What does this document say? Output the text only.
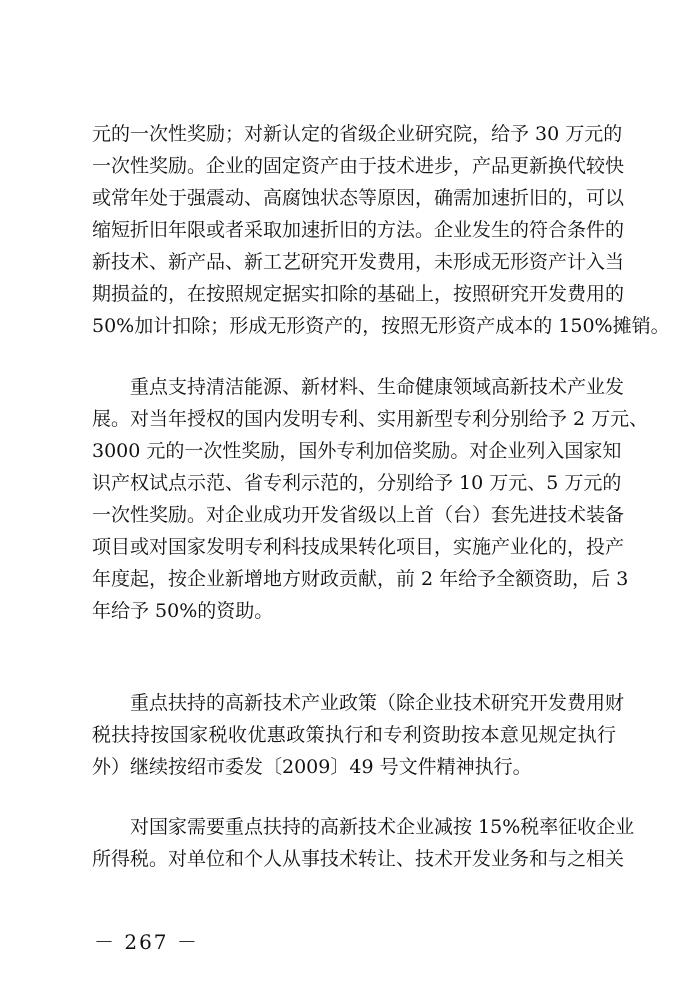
元的一次性奖励；对新认定的省级企业研究院，给予 30 万元的
一次性奖励。企业的固定资产由于技术进步，产品更新换代较快
或常年处于强震动、高腐蚀状态等原因，确需加速折旧的，可以
缩短折旧年限或者采取加速折旧的方法。企业发生的符合条件的
新技术、新产品、新工艺研究开发费用，未形成无形资产计入当
期损益的，在按照规定据实扣除的基础上，按照研究开发费用的
50%加计扣除；形成无形资产的，按照无形资产成本的 150%摊销。
重点支持清洁能源、新材料、生命健康领域高新技术产业发
展。对当年授权的国内发明专利、实用新型专利分别给予 2 万元、
3000 元的一次性奖励，国外专利加倍奖励。对企业列入国家知
识产权试点示范、省专利示范的，分别给予 10 万元、5 万元的
一次性奖励。对企业成功开发省级以上首（台）套先进技术装备
项目或对国家发明专利科技成果转化项目，实施产业化的，投产
年度起，按企业新增地方财政贡献，前 2 年给予全额资助，后 3
年给予 50%的资助。
重点扶持的高新技术产业政策（除企业技术研究开发费用财
税扶持按国家税收优惠政策执行和专利资助按本意见规定执行
外）继续按绍市委发〔2009〕49 号文件精神执行。
对国家需要重点扶持的高新技术企业减按 15%税率征收企业
所得税。对单位和个人从事技术转让、技术开发业务和与之相关
－ 267 －
